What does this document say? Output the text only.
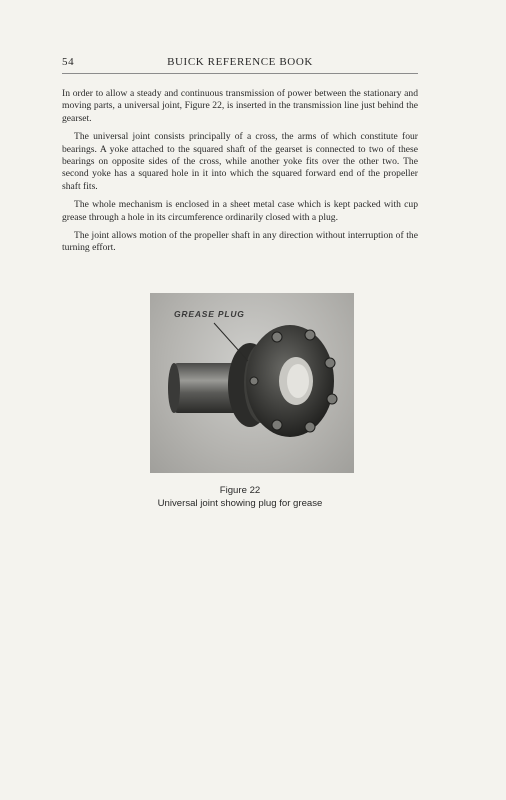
54	BUICK REFERENCE BOOK

In order to allow a steady and continuous transmission of power between the stationary and moving parts, a universal joint, Figure 22, is inserted in the transmission line just behind the gearset.

The universal joint consists principally of a cross, the arms of which constitute four bearings. A yoke attached to the squared shaft of the gearset is connected to two of these bearings on opposite sides of the cross, while another yoke fits over the other two. The second yoke has a squared hole in it into which the squared forward end of the propeller shaft fits.

The whole mechanism is enclosed in a sheet metal case which is kept packed with cup grease through a hole in its circumference ordinarily closed with a plug.

The joint allows motion of the propeller shaft in any direction without interruption of the turning effort.

GREASE PLUG
Figure 22
Universal joint showing plug for grease
